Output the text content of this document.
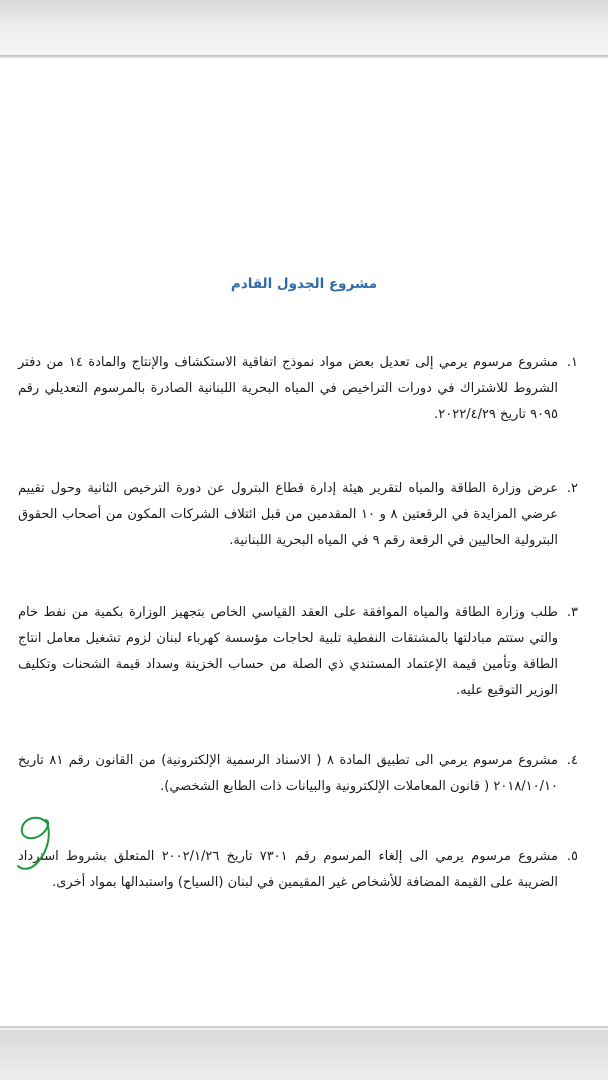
مشروع الجدول القادم
١.
مشروع مرسوم يرمي إلى تعديل بعض مواد نموذج اتفاقية الاستكشاف والإنتاج والمادة ١٤ من دفتر الشروط للاشتراك في دورات التراخيص في المياه البحرية اللبنانية الصادرة بالمرسوم التعديلي رقم ٩٠٩٥ تاريخ ٢٠٢٢/٤/٢٩.
٢.
عرض وزارة الطاقة والمياه لتقرير هيئة إدارة قطاع البترول عن دورة الترخيص الثانية وحول تقييم عرضي المزايدة في الرقعتين ٨ و ١٠ المقدمين من قبل ائتلاف الشركات المكون من أصحاب الحقوق البترولية الحاليين في الرقعة رقم ٩ في المياه البحرية اللبنانية.
٣.
طلب وزارة الطاقة والمياه الموافقة على العقد القياسي الخاص بتجهيز الوزارة بكمية من نفط خام والتي ستتم مبادلتها بالمشتقات النفطية تلبية لحاجات مؤسسة كهرباء لبنان لزوم تشغيل معامل انتاج الطاقة وتأمين قيمة الإعتماد المستندي ذي الصلة من حساب الخزينة وسداد قيمة الشحنات وتكليف الوزير التوقيع عليه.
٤.
مشروع مرسوم يرمي الى تطبيق المادة ٨ ( الاسناد الرسمية الإلكترونية) من القانون رقم ٨١ تاريخ ٢٠١٨/١٠/١٠ ( قانون المعاملات الإلكترونية والبيانات ذات الطابع الشخصي).
٥.
مشروع مرسوم يرمي الى إلغاء المرسوم رقم ٧٣٠١ تاريخ ٢٠٠٢/١/٢٦ المتعلق بشروط استرداد الضريبة على القيمة المضافة للأشخاص غير المقيمين في لبنان (السياح) واستبدالها بمواد أخرى.
